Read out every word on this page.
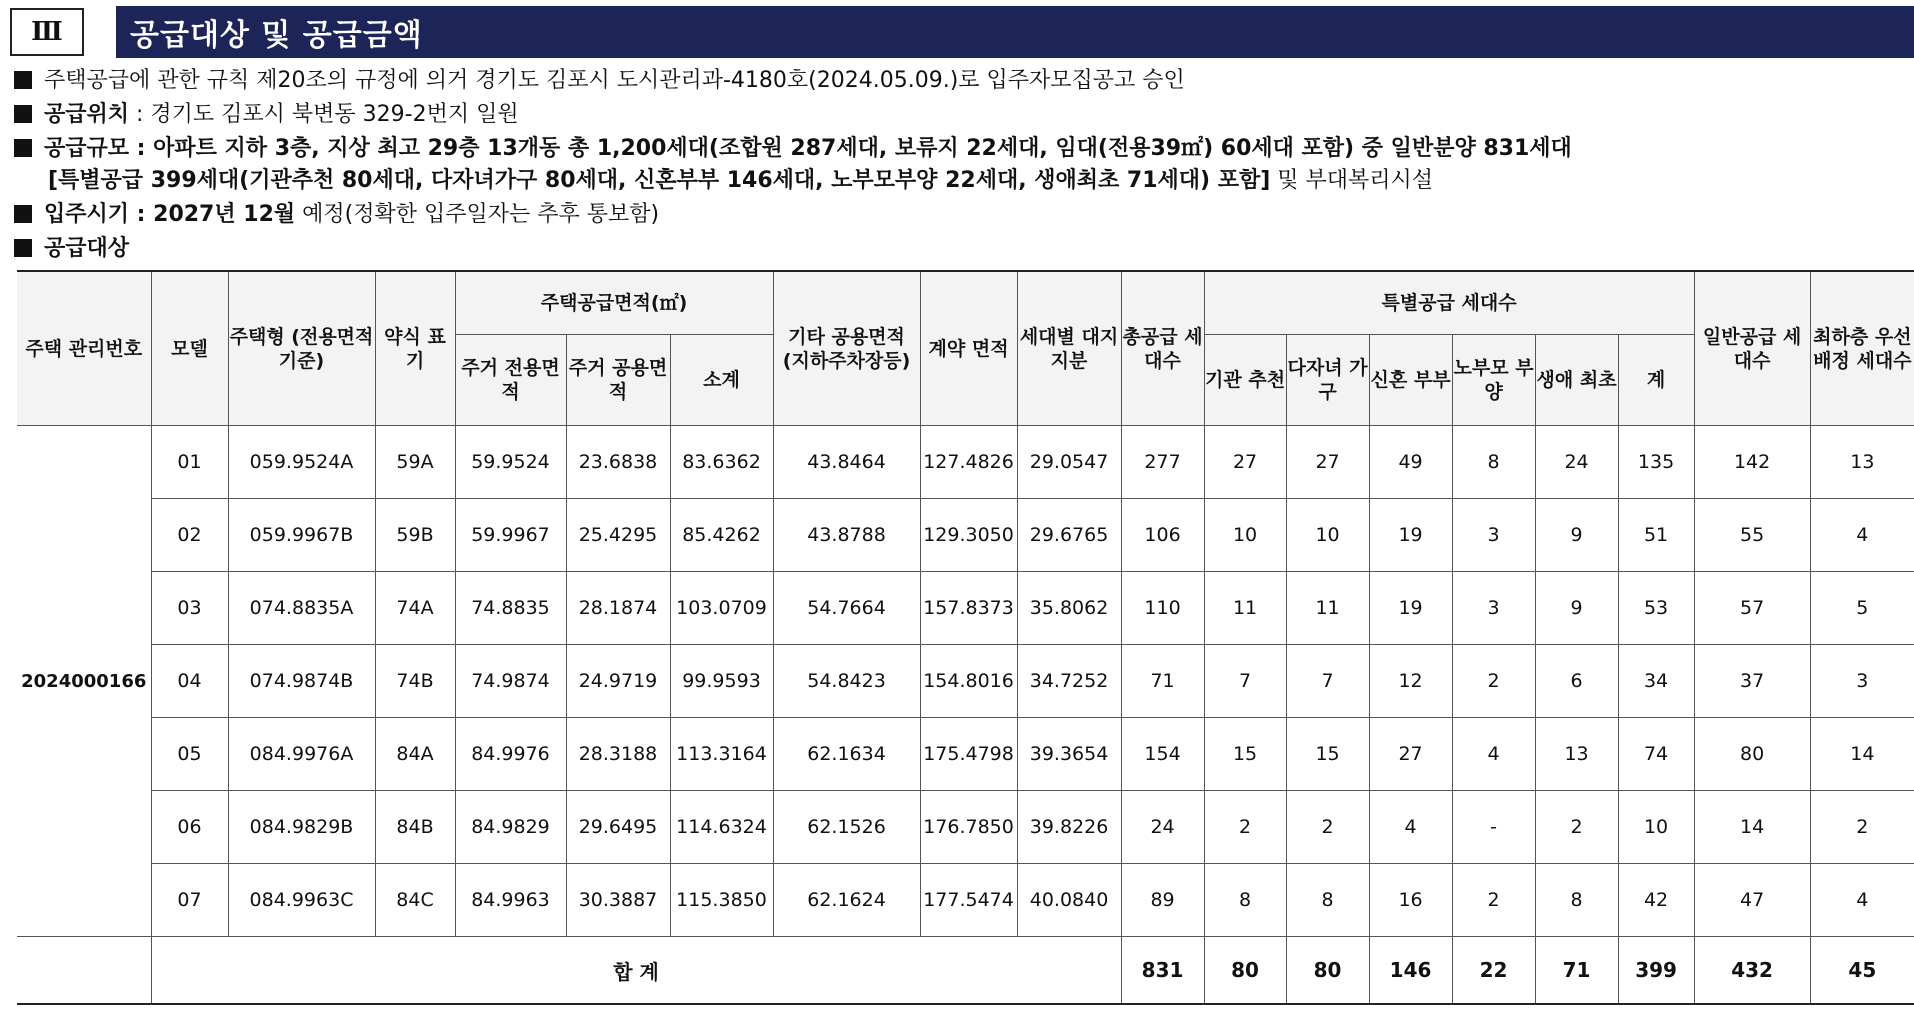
Ⅲ 공급대상 및 공급금액
주택공급에 관한 규칙 제20조의 규정에 의거 경기도 김포시 도시관리과-4180호(2024.05.09.)로 입주자모집공고 승인
공급위치 : 경기도 김포시 북변동 329-2번지 일원
공급규모 : 아파트 지하 3층, 지상 최고 29층 13개동 총 1,200세대(조합원 287세대, 보류지 22세대, 임대(전용39㎡) 60세대 포함) 중 일반분양 831세대
[특별공급 399세대(기관추천 80세대, 다자녀가구 80세대, 신혼부부 146세대, 노부모부양 22세대, 생애최초 71세대) 포함] 및 부대복리시설
입주시기 : 2027년 12월 예정(정확한 입주일자는 추후 통보함)
공급대상
주택 관리번호	모델	주택형 (전용면적기준)	약식 표기	주택공급면적(㎡)			기타 공용면적 (지하주차장등)	계약 면적	세대별 대지지분	총공급 세대수	특별공급 세대수						일반공급 세대수	최하층 우선배정 세대수
				주거 전용면적	주거 공용면적	소계					기관 추천	다자녀 가구	신혼 부부	노부모 부양	생애 최초	계		
2024000166	01	059.9524A	59A	59.9524	23.6838	83.6362	43.8464	127.4826	29.0547	277	27	27	49	8	24	135	142	13
	02	059.9967B	59B	59.9967	25.4295	85.4262	43.8788	129.3050	29.6765	106	10	10	19	3	9	51	55	4
	03	074.8835A	74A	74.8835	28.1874	103.0709	54.7664	157.8373	35.8062	110	11	11	19	3	9	53	57	5
	04	074.9874B	74B	74.9874	24.9719	99.9593	54.8423	154.8016	34.7252	71	7	7	12	2	6	34	37	3
	05	084.9976A	84A	84.9976	28.3188	113.3164	62.1634	175.4798	39.3654	154	15	15	27	4	13	74	80	14
	06	084.9829B	84B	84.9829	29.6495	114.6324	62.1526	176.7850	39.8226	24	2	2	4	-	2	10	14	2
	07	084.9963C	84C	84.9963	30.3887	115.3850	62.1624	177.5474	40.0840	89	8	8	16	2	8	42	47	4
	합 계									831	80	80	146	22	71	399	432	45
